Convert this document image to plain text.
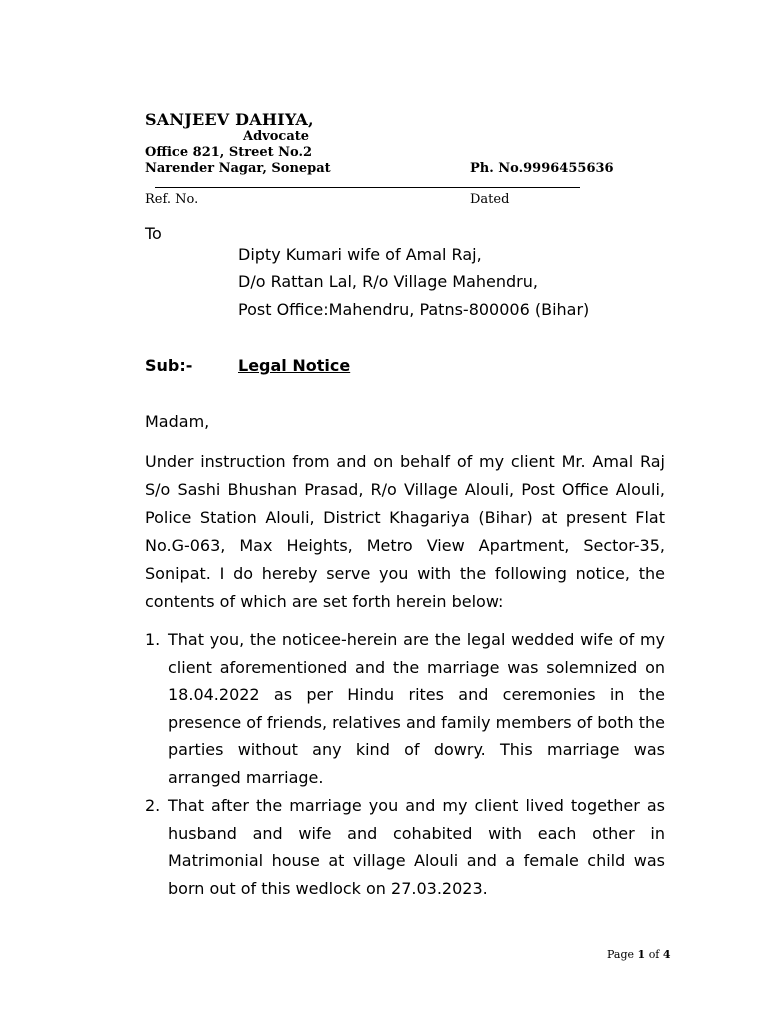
SANJEEV DAHIYA,
Advocate
Office 821, Street No.2
Narender Nagar, Sonepat	Ph. No.9996455636
Ref. No.	Dated
To
Dipty Kumari wife of Amal Raj,
D/o Rattan Lal, R/o Village Mahendru,
Post Office:Mahendru, Patns-800006 (Bihar)
Sub:-	Legal Notice
Madam,
Under instruction from and on behalf of my client Mr. Amal Raj S/o Sashi Bhushan Prasad, R/o Village Alouli, Post Office Alouli, Police Station Alouli, District Khagariya (Bihar) at present Flat No.G-063, Max Heights, Metro View Apartment, Sector-35, Sonipat. I do hereby serve you with the following notice, the contents of which are set forth herein below:
1. That you, the noticee-herein are the legal wedded wife of my client aforementioned and the marriage was solemnized on 18.04.2022 as per Hindu rites and ceremonies in the presence of friends, relatives and family members of both the parties without any kind of dowry. This marriage was arranged marriage.
2. That after the marriage you and my client lived together as husband and wife and cohabited with each other in Matrimonial house at village Alouli and a female child was born out of this wedlock on 27.03.2023.
Page 1 of 4
